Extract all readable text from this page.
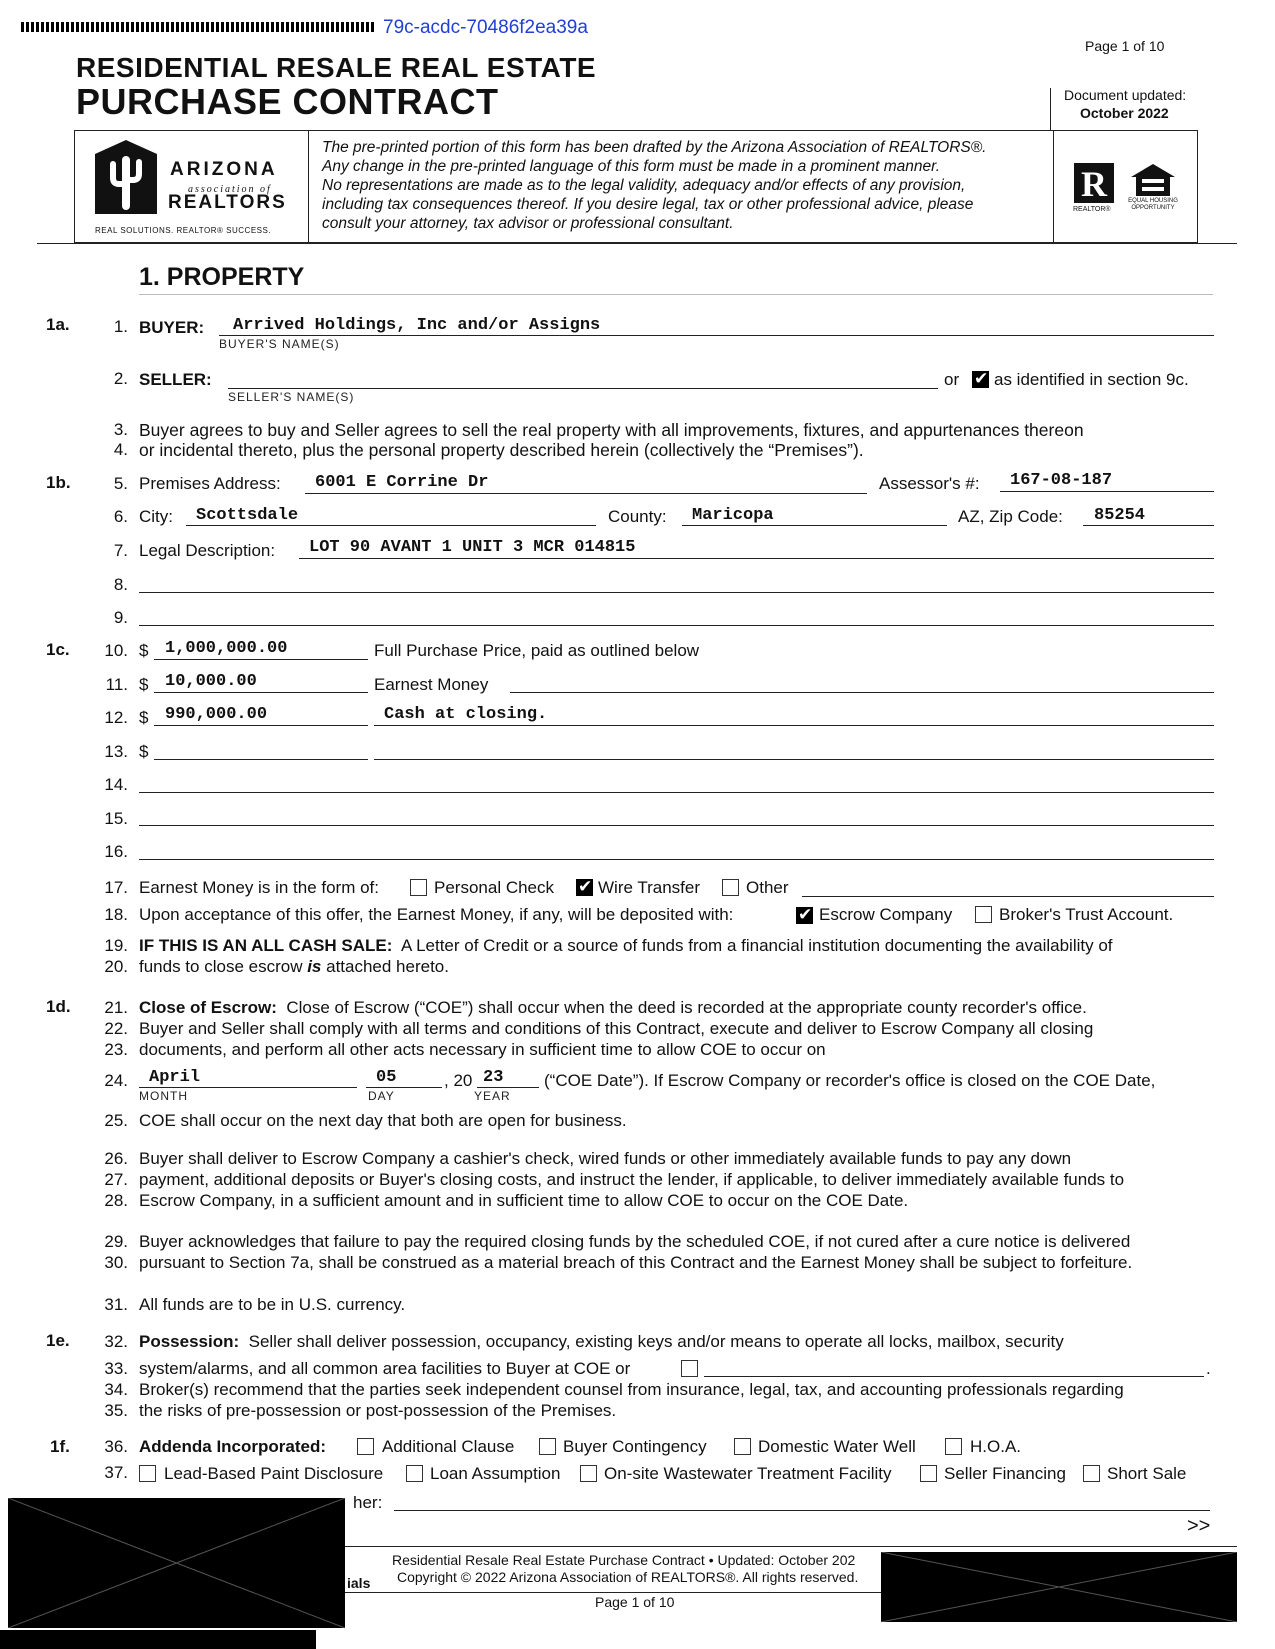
79c-acdc-70486f2ea39a
Page 1 of 10
RESIDENTIAL RESALE REAL ESTATE
PURCHASE CONTRACT	Document updated:
October 2022
ARIZONA
association of
REALTORS
REAL SOLUTIONS. REALTOR® SUCCESS.
The pre-printed portion of this form has been drafted by the Arizona Association of REALTORS®.
Any change in the pre-printed language of this form must be made in a prominent manner.
No representations are made as to the legal validity, adequacy and/or effects of any provision,
including tax consequences thereof. If you desire legal, tax or other professional advice, please
consult your attorney, tax advisor or professional consultant.
R
REALTOR®
EQUAL HOUSING OPPORTUNITY
1. PROPERTY
1a.
1b.
1c.
1d.
1e.
1f.
1.
2.
3.
4.
5.
6.
7.
8.
9.
10.
11.
12.
13.
14.
15.
16.
17.
18.
19.
20.
21.
22.
23.
24.
25.
26.
27.
28.
29.
30.
31.
32.
33.
34.
35.
36.
37.
BUYER: Arrived Holdings, Inc and/or Assigns
BUYER'S NAME(S)
SELLER:
SELLER'S NAME(S)
or ✔ as identified in section 9c.
Buyer agrees to buy and Seller agrees to sell the real property with all improvements, fixtures, and appurtenances thereon
or incidental thereto, plus the personal property described herein (collectively the “Premises”).
Premises Address: 6001 E Corrine Dr	Assessor's #: 167-08-187
City: Scottsdale	County: Maricopa	AZ, Zip Code: 85254
Legal Description: LOT 90 AVANT 1 UNIT 3 MCR 014815
$ 1,000,000.00	Full Purchase Price, paid as outlined below
$ 10,000.00	Earnest Money
$ 990,000.00	Cash at closing.
$
Earnest Money is in the form of:	Personal Check ✔	Wire Transfer	Other
Upon acceptance of this offer, the Earnest Money, if any, will be deposited with: ✔	Escrow Company	Broker's Trust Account.
IF THIS IS AN ALL CASH SALE: A Letter of Credit or a source of funds from a financial institution documenting the availability of
funds to close escrow is attached hereto.
Close of Escrow: Close of Escrow (“COE”) shall occur when the deed is recorded at the appropriate county recorder's office.
Buyer and Seller shall comply with all terms and conditions of this Contract, execute and deliver to Escrow Company all closing
documents, and perform all other acts necessary in sufficient time to allow COE to occur on
April
MONTH
05
DAY
, 20 23
YEAR
(“COE Date”). If Escrow Company or recorder's office is closed on the COE Date,
COE shall occur on the next day that both are open for business.
Buyer shall deliver to Escrow Company a cashier's check, wired funds or other immediately available funds to pay any down
payment, additional deposits or Buyer's closing costs, and instruct the lender, if applicable, to deliver immediately available funds to
Escrow Company, in a sufficient amount and in sufficient time to allow COE to occur on the COE Date.
Buyer acknowledges that failure to pay the required closing funds by the scheduled COE, if not cured after a cure notice is delivered
pursuant to Section 7a, shall be construed as a material breach of this Contract and the Earnest Money shall be subject to forfeiture.
All funds are to be in U.S. currency.
Possession: Seller shall deliver possession, occupancy, existing keys and/or means to operate all locks, mailbox, security
system/alarms, and all common area facilities to Buyer at COE or	.
Broker(s) recommend that the parties seek independent counsel from insurance, legal, tax, and accounting professionals regarding
the risks of pre-possession or post-possession of the Premises.
Addenda Incorporated:	Additional Clause	Buyer Contingency	Domestic Water Well	H.O.A.
Lead-Based Paint Disclosure	Loan Assumption	On-site Wastewater Treatment Facility	Seller Financing Short Sale
her:
>>
Residential Resale Real Estate Purchase Contract • Updated: October 202
Copyright © 2022 Arizona Association of REALTORS®. All rights reserved.
Page 1 of 10
ials
